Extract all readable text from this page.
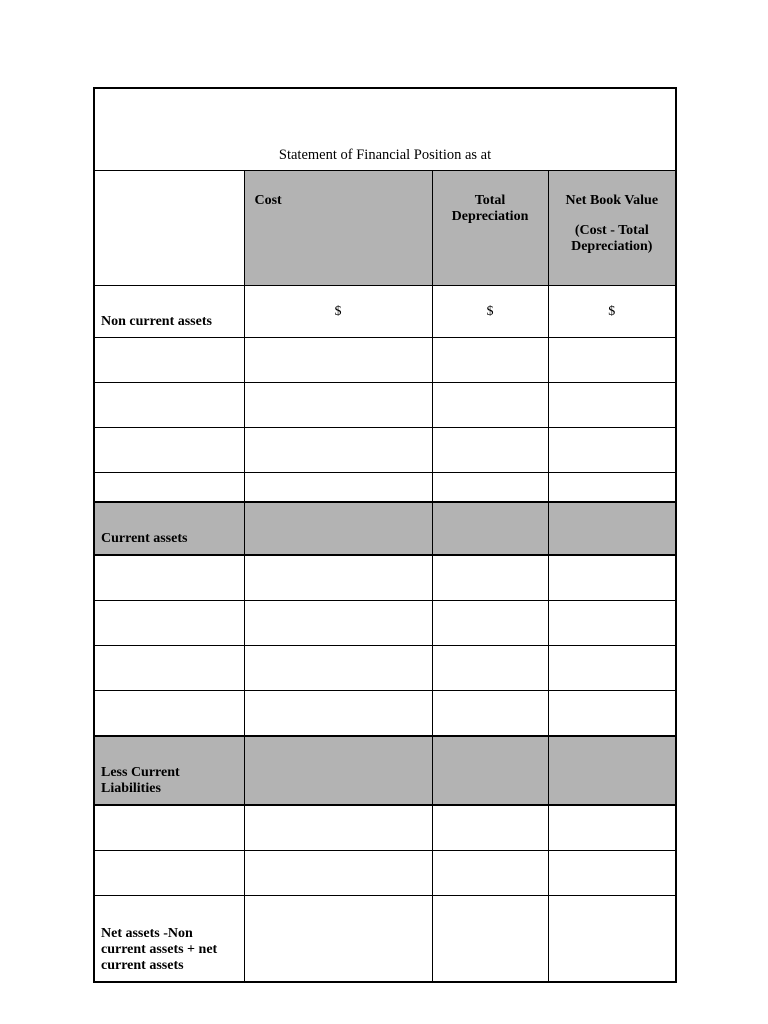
Statement of Financial Position as at			
	Cost	Total Depreciation	Net Book Value
(Cost - Total Depreciation)

Non current assets	$	$	$

Current assets			

Less Current Liabilities			

Net assets -Non current assets + net current assets			
